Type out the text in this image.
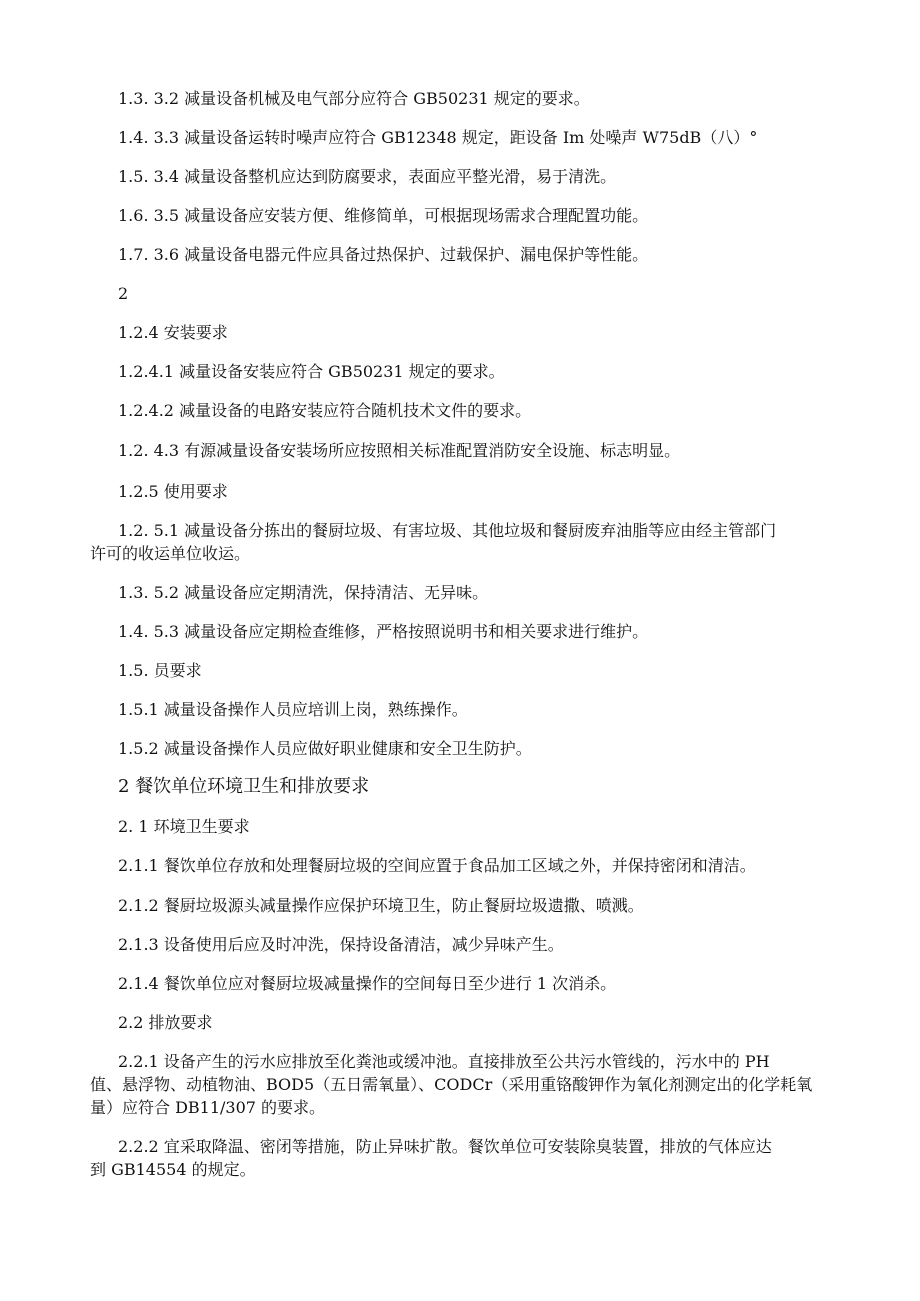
1.3. 3.2 减量设备机械及电气部分应符合 GB50231 规定的要求。
1.4. 3.3 减量设备运转时噪声应符合 GB12348 规定，距设备 Im 处噪声 W75dB（八）°
1.5. 3.4 减量设备整机应达到防腐要求，表面应平整光滑，易于清洗。
1.6. 3.5 减量设备应安装方便、维修简单，可根据现场需求合理配置功能。
1.7. 3.6 减量设备电器元件应具备过热保护、过载保护、漏电保护等性能。
2
1.2.4 安装要求
1.2.4.1 减量设备安装应符合 GB50231 规定的要求。
1.2.4.2 减量设备的电路安装应符合随机技术文件的要求。
1.2. 4.3 有源减量设备安装场所应按照相关标准配置消防安全设施、标志明显。
1.2.5 使用要求
1.2. 5.1 减量设备分拣出的餐厨垃圾、有害垃圾、其他垃圾和餐厨废弃油脂等应由经主管部门
许可的收运单位收运。
1.3. 5.2 减量设备应定期清洗，保持清洁、无异味。
1.4. 5.3 减量设备应定期检查维修，严格按照说明书和相关要求进行维护。
1.5. 员要求
1.5.1 减量设备操作人员应培训上岗，熟练操作。
1.5.2 减量设备操作人员应做好职业健康和安全卫生防护。
2 餐饮单位环境卫生和排放要求
2. 1 环境卫生要求
2.1.1 餐饮单位存放和处理餐厨垃圾的空间应置于食品加工区域之外，并保持密闭和清洁。
2.1.2 餐厨垃圾源头减量操作应保护环境卫生，防止餐厨垃圾遗撒、喷溅。
2.1.3 设备使用后应及时冲洗，保持设备清洁，减少异味产生。
2.1.4 餐饮单位应对餐厨垃圾减量操作的空间每日至少进行 1 次消杀。
2.2 排放要求
2.2.1 设备产生的污水应排放至化粪池或缓冲池。直接排放至公共污水管线的，污水中的 PH
值、悬浮物、动植物油、BOD5（五日需氧量）、CODCr（采用重铬酸钾作为氧化剂测定出的化学耗氧
量）应符合 DB11/307 的要求。
2.2.2 宜采取降温、密闭等措施，防止异味扩散。餐饮单位可安装除臭装置，排放的气体应达
到 GB14554 的规定。
